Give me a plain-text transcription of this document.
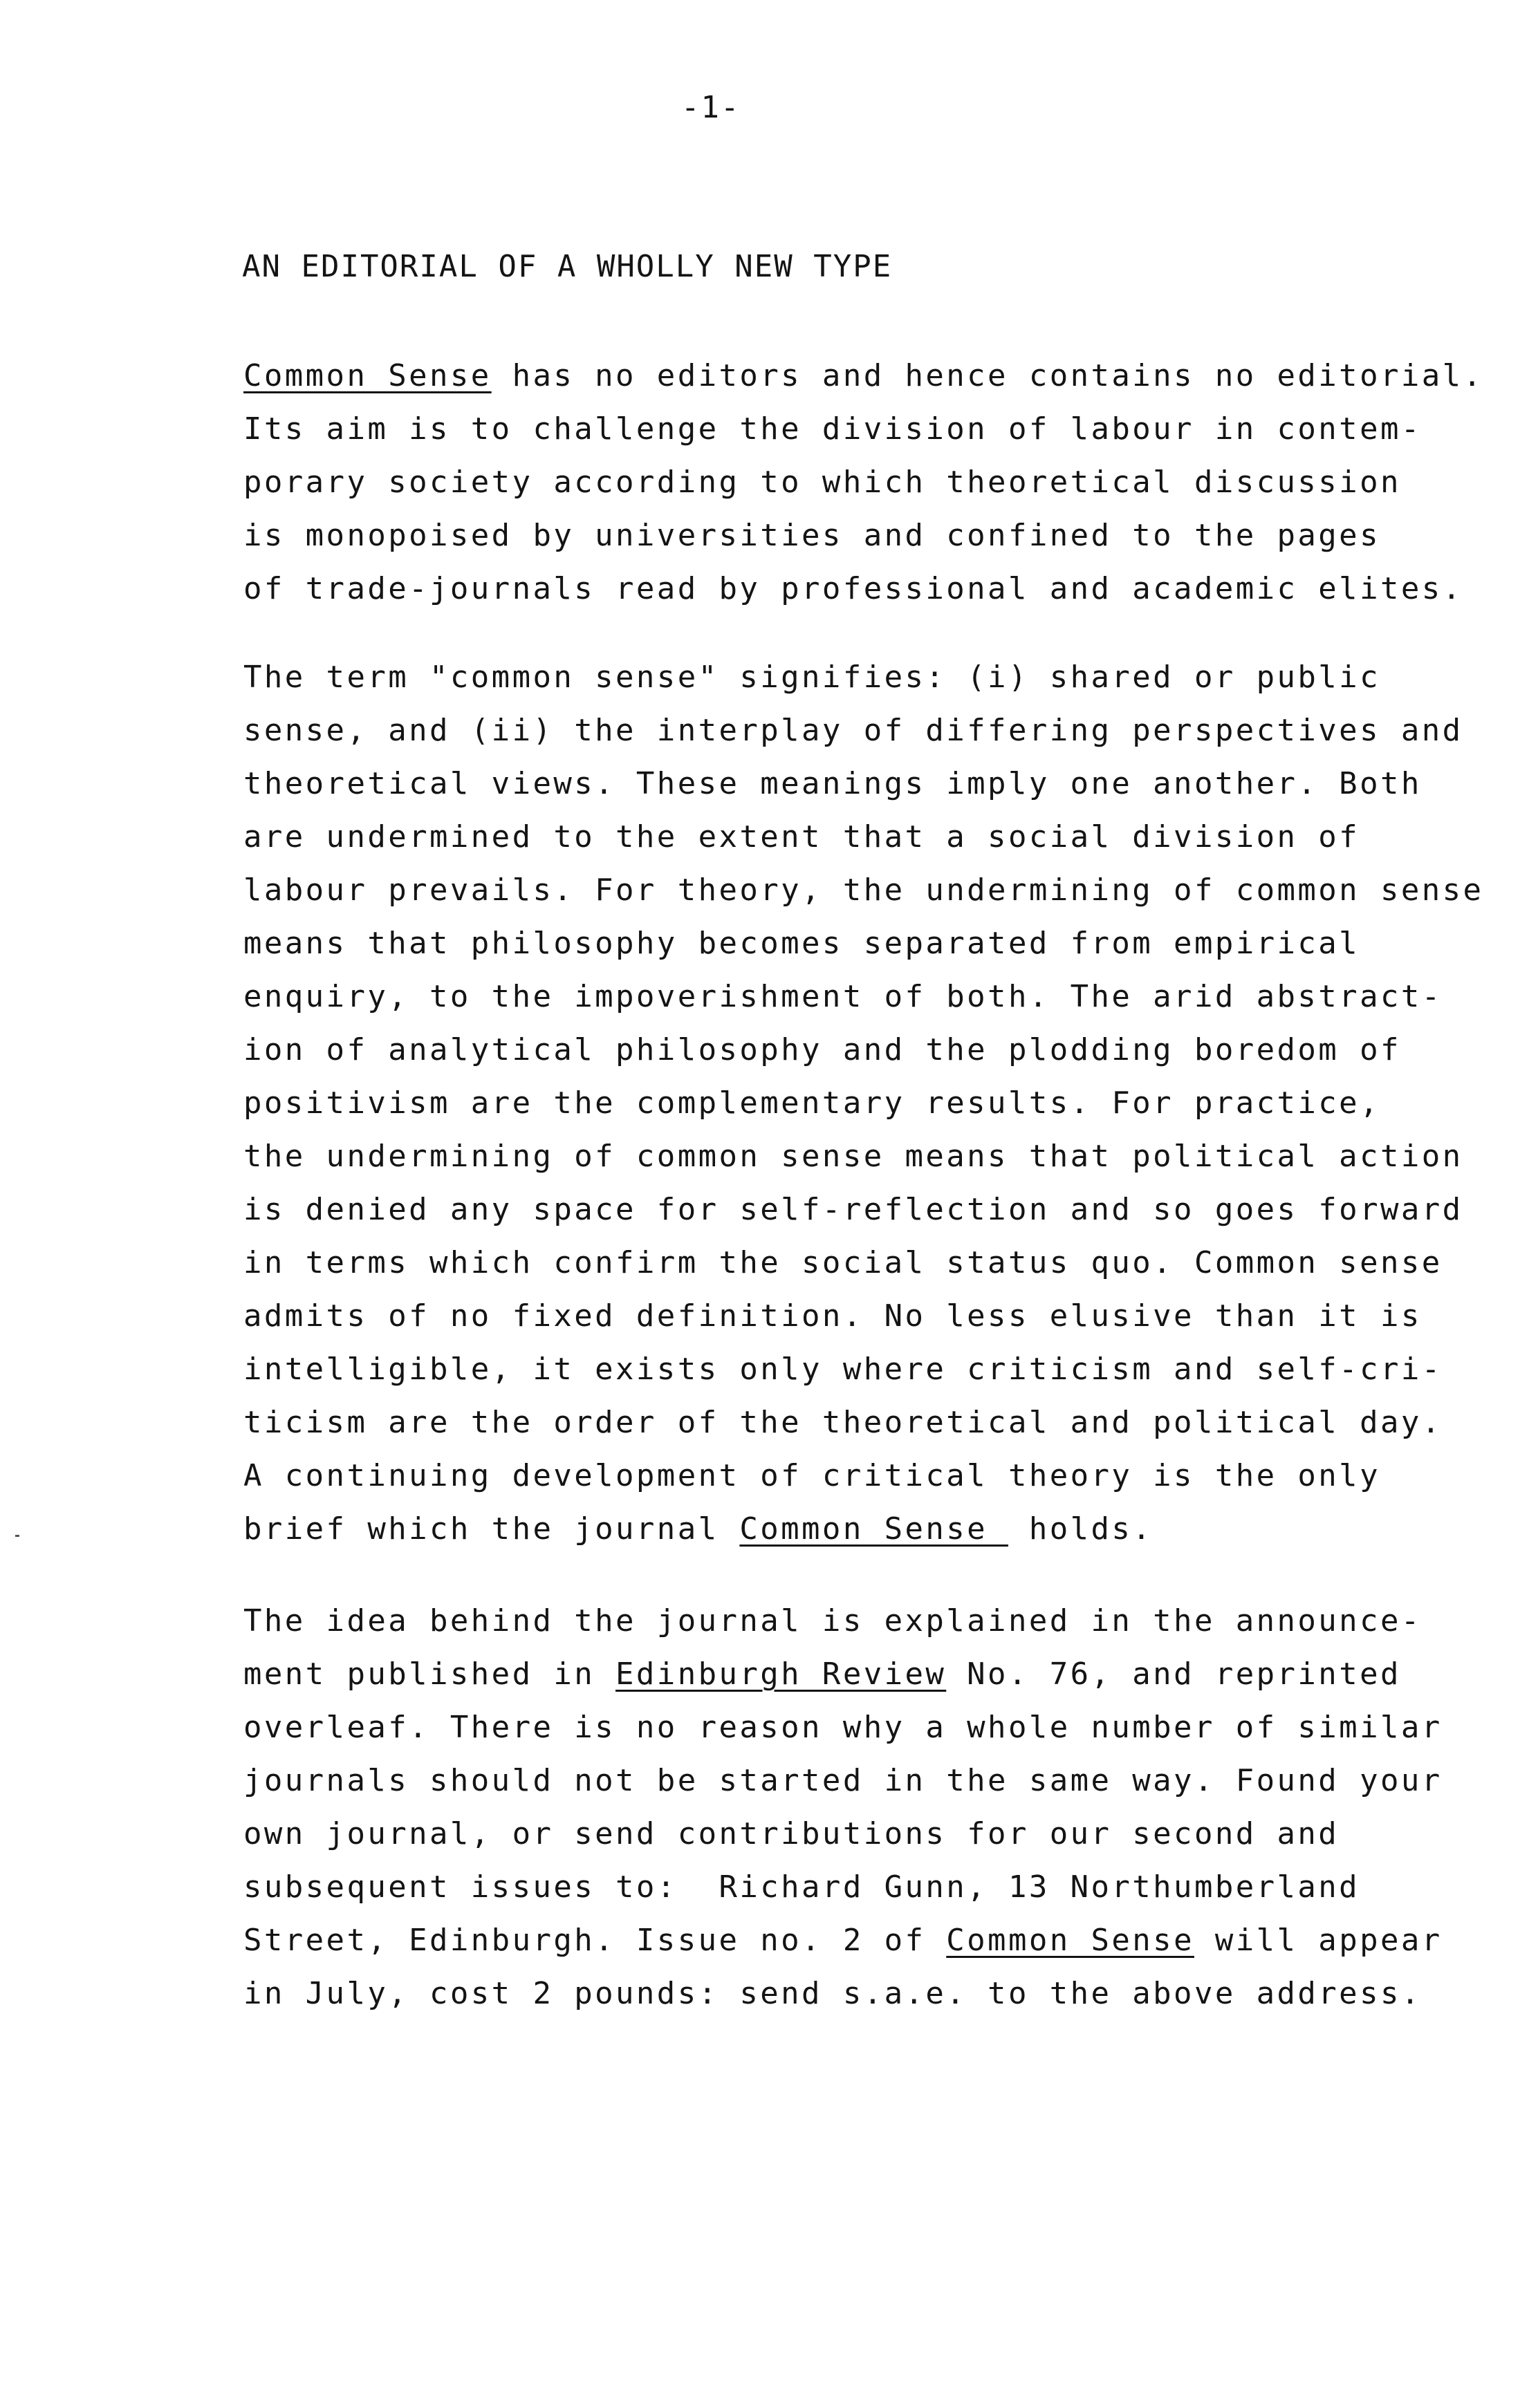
-1-
AN EDITORIAL OF A WHOLLY NEW TYPE
Common Sense has no editors and hence contains no editorial.
Its aim is to challenge the division of labour in contem-
porary society according to which theoretical discussion
is monopoised by universities and confined to the pages
of trade-journals read by professional and academic elites.
The term "common sense" signifies: (i) shared or public
sense, and (ii) the interplay of differing perspectives and
theoretical views. These meanings imply one another. Both
are undermined to the extent that a social division of
labour prevails. For theory, the undermining of common sense
means that philosophy becomes separated from empirical
enquiry, to the impoverishment of both. The arid abstract-
ion of analytical philosophy and the plodding boredom of
positivism are the complementary results. For practice,
the undermining of common sense means that political action
is denied any space for self-reflection and so goes forward
in terms which confirm the social status quo. Common sense
admits of no fixed definition. No less elusive than it is
intelligible, it exists only where criticism and self-cri-
ticism are the order of the theoretical and political day.
A continuing development of critical theory is the only
brief which the journal Common Sense  holds.
The idea behind the journal is explained in the announce-
ment published in Edinburgh Review No. 76, and reprinted
overleaf. There is no reason why a whole number of similar
journals should not be started in the same way. Found your
own journal, or send contributions for our second and
subsequent issues to:  Richard Gunn, 13 Northumberland
Street, Edinburgh. Issue no. 2 of Common Sense will appear
in July, cost 2 pounds: send s.a.e. to the above address.
